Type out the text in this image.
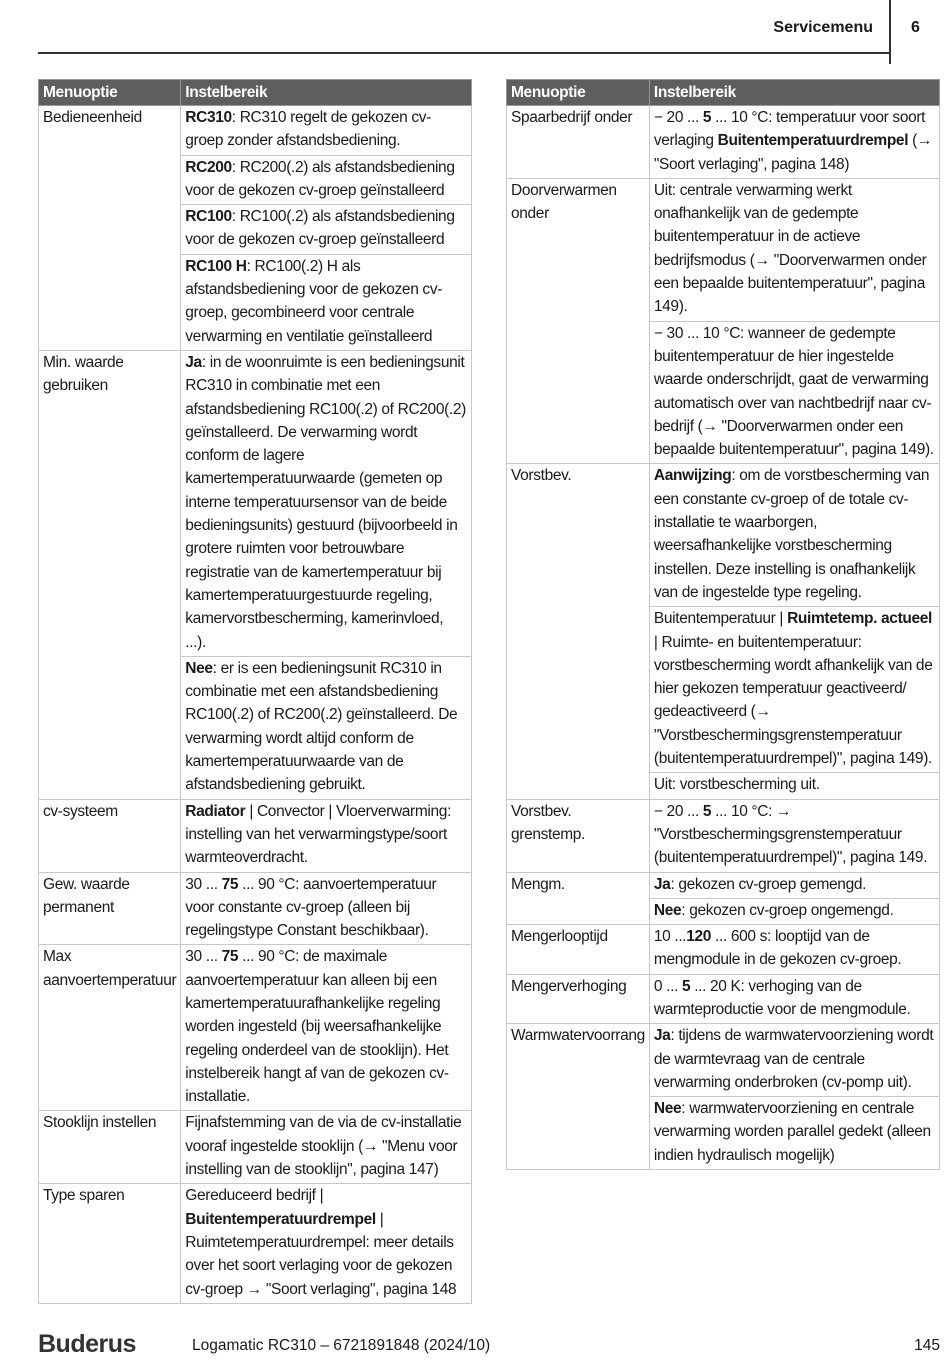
Servicemenu	6
Menuoptie	Instelbereik
Bedieneenheid	RC310: RC310 regelt de gekozen cv-groep zonder afstandsbediening.
	RC200: RC200(.2) als afstandsbediening voor de gekozen cv-groep geïnstalleerd
	RC100: RC100(.2) als afstandsbediening voor de gekozen cv-groep geïnstalleerd
	RC100 H: RC100(.2) H als afstandsbediening voor de gekozen cv-groep, gecombineerd voor centrale verwarming en ventilatie geïnstalleerd
Min. waarde gebruiken	Ja: in de woonruimte is een bedieningsunit RC310 in combinatie met een afstandsbediening RC100(.2) of RC200(.2) geïnstalleerd. De verwarming wordt conform de lagere kamertemperatuurwaarde (gemeten op interne temperatuursensor van de beide bedieningsunits) gestuurd (bijvoorbeeld in grotere ruimten voor betrouwbare registratie van de kamertemperatuur bij kamertemperatuurgestuurde regeling, kamervorstbescherming, kamerinvloed, ...).
	Nee: er is een bedieningsunit RC310 in combinatie met een afstandsbediening RC100(.2) of RC200(.2) geïnstalleerd. De verwarming wordt altijd conform de kamertemperatuurwaarde van de afstandsbediening gebruikt.
cv-systeem	Radiator | Convector | Vloerverwarming: instelling van het verwarmingstype/soort warmteoverdracht.
Gew. waarde permanent	30 ... 75 ... 90 °C: aanvoertemperatuur voor constante cv-groep (alleen bij regelingstype Constant beschikbaar).
Max aanvoertemperatuur	30 ... 75 ... 90 °C: de maximale aanvoertemperatuur kan alleen bij een kamertemperatuurafhankelijke regeling worden ingesteld (bij weersafhankelijke regeling onderdeel van de stooklijn). Het instelbereik hangt af van de gekozen cv-installatie.
Stooklijn instellen	Fijnafstemming van de via de cv-installatie vooraf ingestelde stooklijn (→ "Menu voor instelling van de stooklijn", pagina 147)
Type sparen	Gereduceerd bedrijf | Buitentemperatuurdrempel | Ruimtetemperatuurdrempel: meer details over het soort verlaging voor de gekozen cv-groep → "Soort verlaging", pagina 148
Menuoptie	Instelbereik
Spaarbedrijf onder	− 20 ... 5 ... 10 °C: temperatuur voor soort verlaging Buitentemperatuurdrempel (→ "Soort verlaging", pagina 148)
Doorverwarmen onder	Uit: centrale verwarming werkt onafhankelijk van de gedempte buitentemperatuur in de actieve bedrijfsmodus (→ "Doorverwarmen onder een bepaalde buitentemperatuur", pagina 149).
	− 30 ... 10 °C: wanneer de gedempte buitentemperatuur de hier ingestelde waarde onderschrijdt, gaat de verwarming automatisch over van nachtbedrijf naar cv-bedrijf (→ "Doorverwarmen onder een bepaalde buitentemperatuur", pagina 149).
Vorstbev.	Aanwijzing: om de vorstbescherming van een constante cv-groep of de totale cv-installatie te waarborgen, weersafhankelijke vorstbescherming instellen. Deze instelling is onafhankelijk van de ingestelde type regeling.
	Buitentemperatuur | Ruimtetemp. actueel | Ruimte- en buitentemperatuur: vorstbescherming wordt afhankelijk van de hier gekozen temperatuur geactiveerd/ gedeactiveerd (→ "Vorstbeschermingsgrenstemperatuur (buitentemperatuurdrempel)", pagina 149).
	Uit: vorstbescherming uit.
Vorstbev. grenstemp.	− 20 ... 5 ... 10 °C: → "Vorstbeschermingsgrenstemperatuur (buitentemperatuurdrempel)", pagina 149.
Mengm.	Ja: gekozen cv-groep gemengd.
	Nee: gekozen cv-groep ongemengd.
Mengerlooptijd	10 ...120 ... 600 s: looptijd van de mengmodule in de gekozen cv-groep.
Mengerverhoging	0 ... 5 ... 20 K: verhoging van de warmteproductie voor de mengmodule.
Warmwatervoorrang	Ja: tijdens de warmwatervoorziening wordt de warmtevraag van de centrale verwarming onderbroken (cv-pomp uit).
	Nee: warmwatervoorziening en centrale verwarming worden parallel gedekt (alleen indien hydraulisch mogelijk)
Buderus	Logamatic RC310 – 6721891848 (2024/10)	145
